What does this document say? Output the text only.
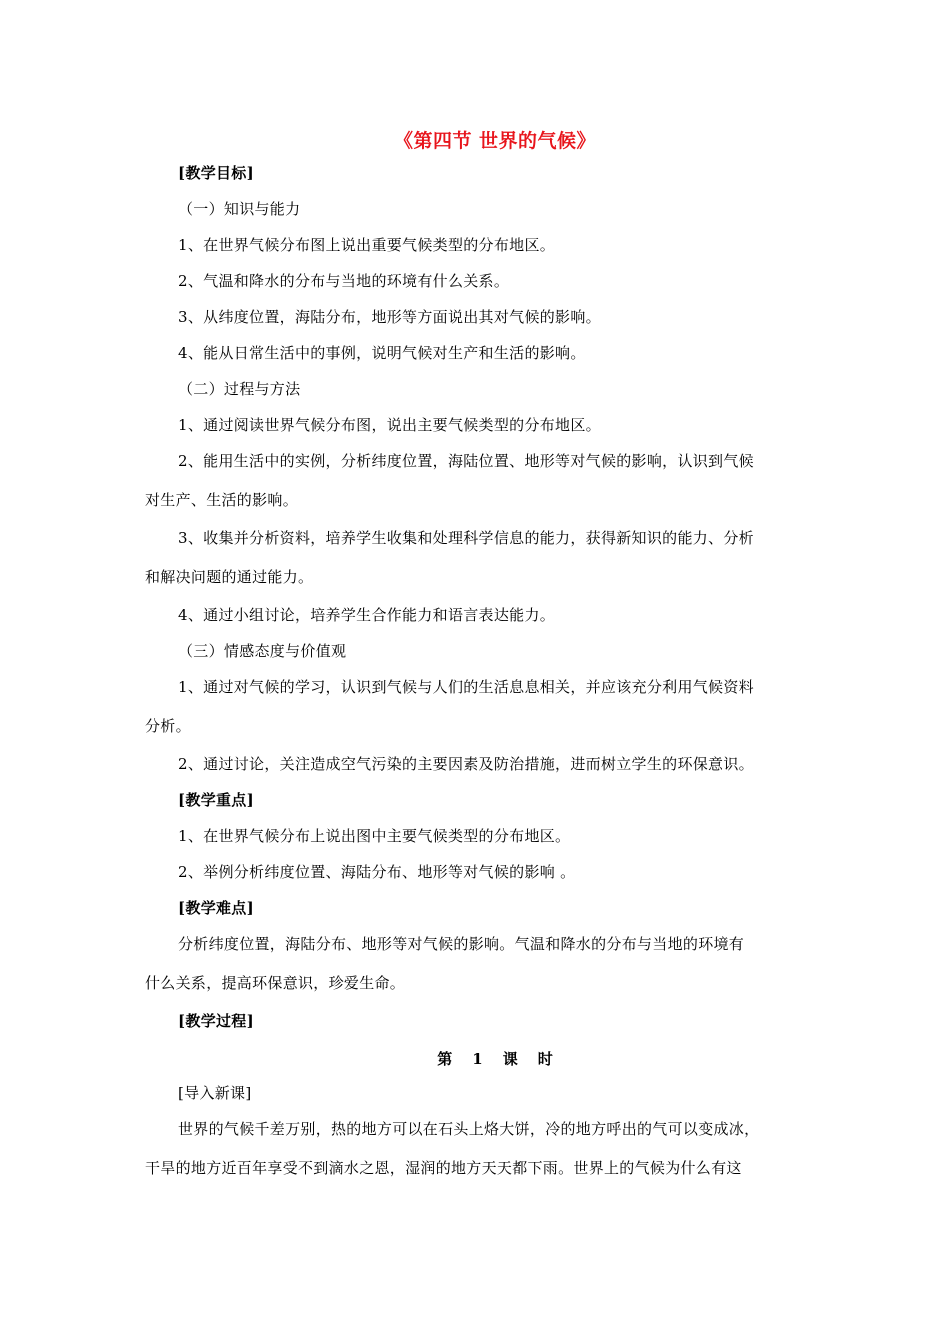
《第四节 世界的气候》
[教学目标]
（一）知识与能力
1、在世界气候分布图上说出重要气候类型的分布地区。
2、气温和降水的分布与当地的环境有什么关系。
3、从纬度位置，海陆分布，地形等方面说出其对气候的影响。
4、能从日常生活中的事例，说明气候对生产和生活的影响。
（二）过程与方法
1、通过阅读世界气候分布图，说出主要气候类型的分布地区。
2、能用生活中的实例，分析纬度位置，海陆位置、地形等对气候的影响，认识到气候
对生产、生活的影响。
3、收集并分析资料，培养学生收集和处理科学信息的能力，获得新知识的能力、分析
和解决问题的通过能力。
4、通过小组讨论，培养学生合作能力和语言表达能力。
（三）情感态度与价值观
1、通过对气候的学习，认识到气候与人们的生活息息相关，并应该充分利用气候资料
分析。
2、通过讨论，关注造成空气污染的主要因素及防治措施，进而树立学生的环保意识。
[教学重点]
1、在世界气候分布上说出图中主要气候类型的分布地区。
2、举例分析纬度位置、海陆分布、地形等对气候的影响 。
[教学难点]
分析纬度位置，海陆分布、地形等对气候的影响。气温和降水的分布与当地的环境有
什么关系，提高环保意识，珍爱生命。
[教学过程]
第 1 课 时
[导入新课]
世界的气候千差万别，热的地方可以在石头上烙大饼，冷的地方呼出的气可以变成冰，
干旱的地方近百年享受不到滴水之恩，湿润的地方天天都下雨。世界上的气候为什么有这
